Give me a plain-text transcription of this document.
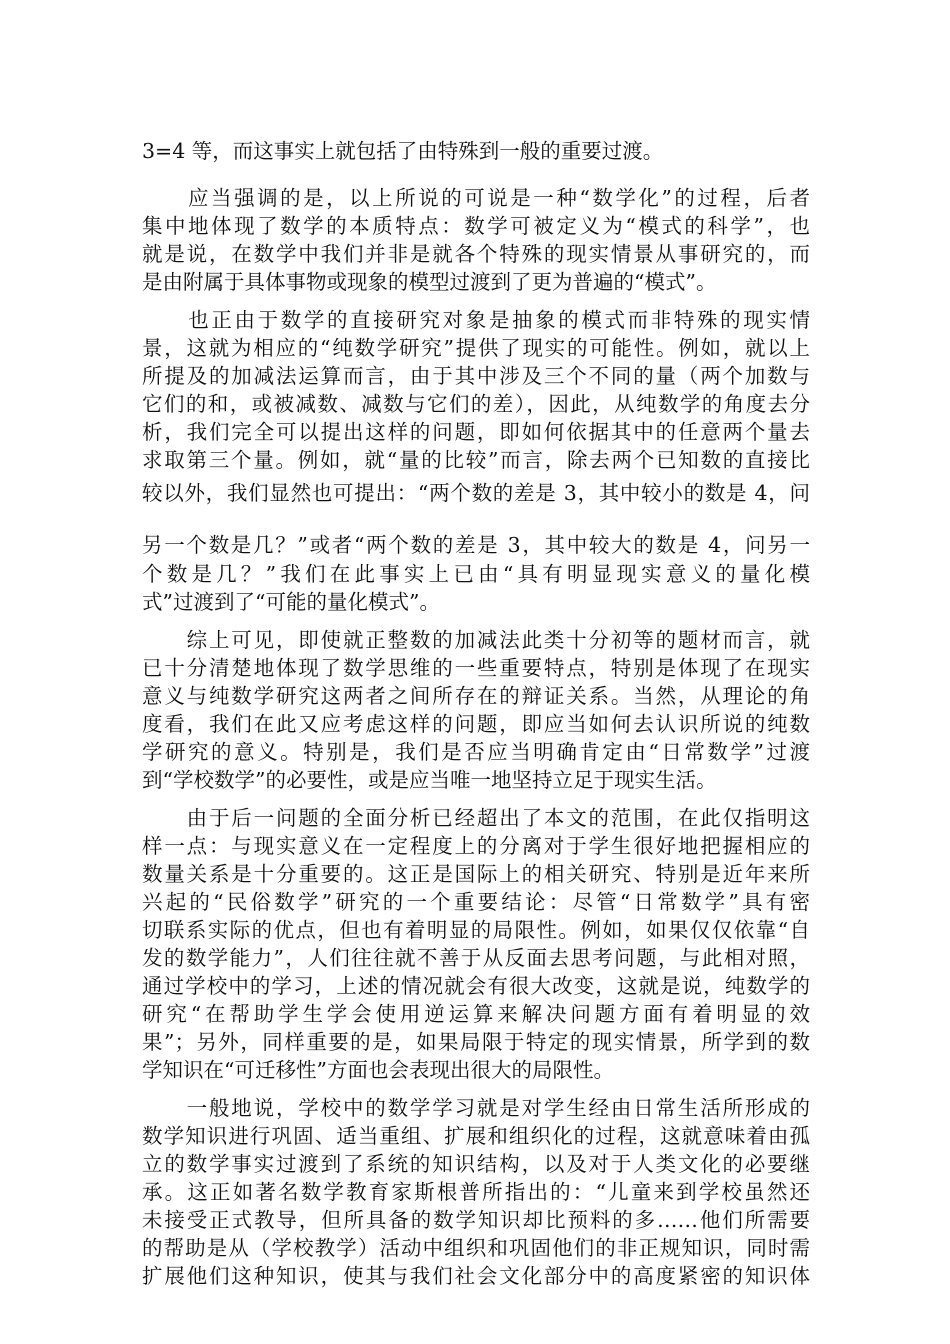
3=4 等，而这事实上就包括了由特殊到一般的重要过渡。
　　应当强调的是，以上所说的可说是一种“数学化”的过程，后者
集中地体现了数学的本质特点：数学可被定义为“模式的科学”，也
就是说，在数学中我们并非是就各个特殊的现实情景从事研究的，而
是由附属于具体事物或现象的模型过渡到了更为普遍的“模式”。
　　也正由于数学的直接研究对象是抽象的模式而非特殊的现实情
景，这就为相应的“纯数学研究”提供了现实的可能性。例如，就以上
所提及的加减法运算而言，由于其中涉及三个不同的量（两个加数与
它们的和，或被减数、减数与它们的差），因此，从纯数学的角度去分
析，我们完全可以提出这样的问题，即如何依据其中的任意两个量去
求取第三个量。例如，就“量的比较”而言，除去两个已知数的直接比
较以外，我们显然也可提出：“两个数的差是 3，其中较小的数是 4，问
另一个数是几？”或者“两个数的差是 3，其中较大的数是 4，问另一
个数是几？”我们在此事实上已由“具有明显现实意义的量化模
式”过渡到了“可能的量化模式”。
　　综上可见，即使就正整数的加减法此类十分初等的题材而言，就
已十分清楚地体现了数学思维的一些重要特点，特别是体现了在现实
意义与纯数学研究这两者之间所存在的辩证关系。当然，从理论的角
度看，我们在此又应考虑这样的问题，即应当如何去认识所说的纯数
学研究的意义。特别是，我们是否应当明确肯定由“日常数学”过渡
到“学校数学”的必要性，或是应当唯一地坚持立足于现实生活。
　　由于后一问题的全面分析已经超出了本文的范围，在此仅指明这
样一点：与现实意义在一定程度上的分离对于学生很好地把握相应的
数量关系是十分重要的。这正是国际上的相关研究、特别是近年来所
兴起的“民俗数学”研究的一个重要结论：尽管“日常数学”具有密
切联系实际的优点，但也有着明显的局限性。例如，如果仅仅依靠“自
发的数学能力”，人们往往就不善于从反面去思考问题，与此相对照，
通过学校中的学习，上述的情况就会有很大改变，这就是说，纯数学的
研究“在帮助学生学会使用逆运算来解决问题方面有着明显的效
果”；另外，同样重要的是，如果局限于特定的现实情景，所学到的数
学知识在“可迁移性”方面也会表现出很大的局限性。
　　一般地说，学校中的数学学习就是对学生经由日常生活所形成的
数学知识进行巩固、适当重组、扩展和组织化的过程，这就意味着由孤
立的数学事实过渡到了系统的知识结构，以及对于人类文化的必要继
承。这正如著名数学教育家斯根普所指出的：“儿童来到学校虽然还
未接受正式教导，但所具备的数学知识却比预料的多……他们所需要
的帮助是从（学校教学）活动中组织和巩固他们的非正规知识，同时需
扩展他们这种知识，使其与我们社会文化部分中的高度紧密的知识体
